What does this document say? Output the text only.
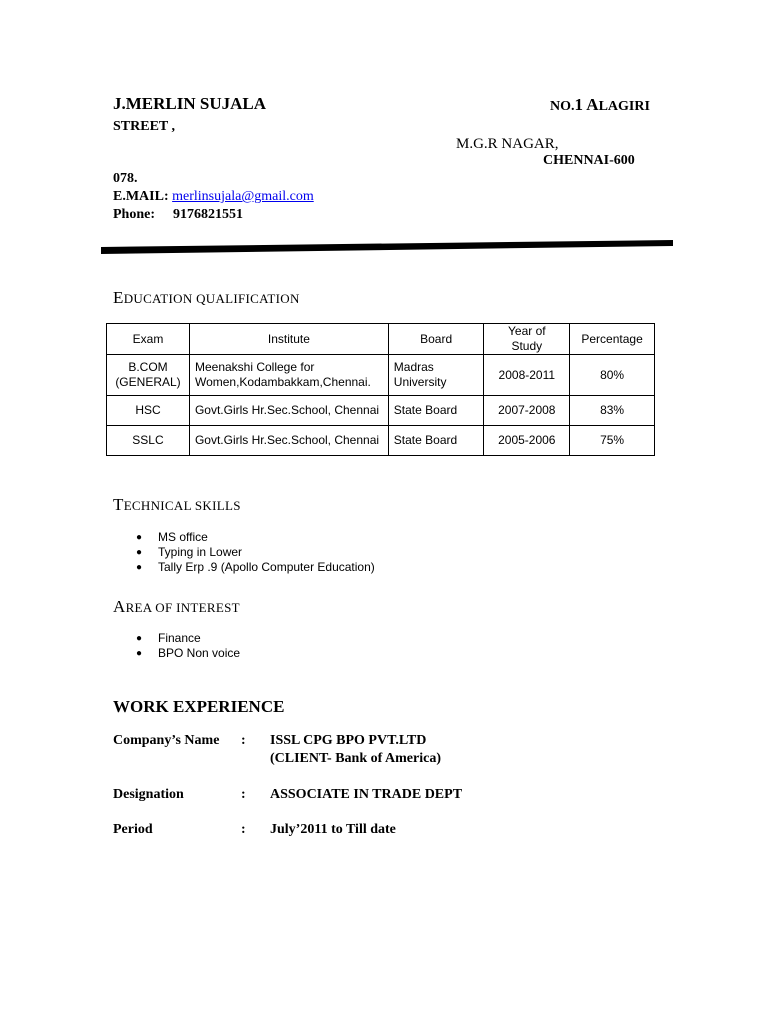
J.MERLIN SUJALA	NO.1 ALAGIRI
STREET ,
M.G.R NAGAR,
CHENNAI-600
078.
E.MAIL: merlinsujala@gmail.com
Phone: 9176821551
EDUCATION QUALIFICATION
Exam	Institute	Board	Year of Study	Percentage
B.COM (GENERAL)	Meenakshi College for Women,Kodambakkam,Chennai.	Madras University	2008-2011	80%
HSC	Govt.Girls Hr.Sec.School, Chennai	State Board	2007-2008	83%
SSLC	Govt.Girls Hr.Sec.School, Chennai	State Board	2005-2006	75%
TECHNICAL SKILLS
● MS office
● Typing in Lower
● Tally Erp .9 (Apollo Computer Education)
AREA OF INTEREST
● Finance
● BPO Non voice
WORK EXPERIENCE
Company’s Name : ISSL CPG BPO PVT.LTD
(CLIENT- Bank of America)
Designation	: ASSOCIATE IN TRADE DEPT
Period	: July’2011 to Till date
